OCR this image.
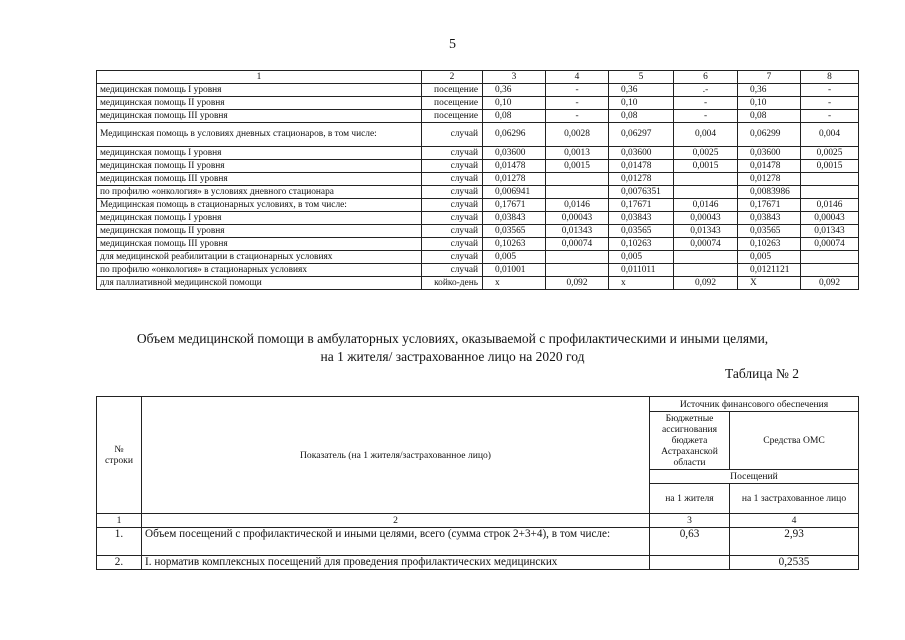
5
1	2	3	4	5	6	7	8
медицинская помощь I уровня	посещение	0,36	-	0,36	.-	0,36	-
медицинская помощь II уровня	посещение	0,10	-	0,10	-	0,10	-
медицинская помощь III уровня	посещение	0,08	-	0,08	-	0,08	-
Медицинская помощь в условиях дневных стационаров, в том числе:	случай	0,06296	0,0028	0,06297	0,004	0,06299	0,004
медицинская помощь I уровня	случай	0,03600	0,0013	0,03600	0,0025	0,03600	0,0025
медицинская помощь II уровня	случай	0,01478	0,0015	0,01478	0,0015	0,01478	0,0015
медицинская помощь III уровня	случай	0,01278		0,01278		0,01278	
по профилю «онкология» в условиях дневного стационара	случай	0,006941		0,0076351		0,0083986	
Медицинская помощь в стационарных условиях, в том числе:	случай	0,17671	0,0146	0,17671	0,0146	0,17671	0,0146
медицинская помощь I уровня	случай	0,03843	0,00043	0,03843	0,00043	0,03843	0,00043
медицинская помощь II уровня	случай	0,03565	0,01343	0,03565	0,01343	0,03565	0,01343
медицинская помощь III уровня	случай	0,10263	0,00074	0,10263	0,00074	0,10263	0,00074
для медицинской реабилитации в стационарных условиях	случай	0,005		0,005		0,005	
по профилю «онкология» в стационарных условиях	случай	0,01001		0,011011		0,0121121	
для паллиативной медицинской помощи	койко-день	х	0,092	х	0,092	Х	0,092
Объем медицинской помощи в амбулаторных условиях, оказываемой с профилактическими и иными целями,
на 1 жителя/ застрахованное лицо на 2020 год
Таблица № 2
№ строки	Показатель (на 1 жителя/застрахованное лицо)	Источник финансового обеспечения	
		Бюджетные ассигнования бюджета Астраханской области	Средства ОМС
		Посещений	
		на 1 жителя	на 1 застрахованное лицо
1	2	3	4
1.	Объем посещений с профилактической и иными целями, всего (сумма строк 2+3+4), в том числе:	0,63	2,93
2.	I. норматив комплексных посещений для проведения профилактических медицинских		0,2535
